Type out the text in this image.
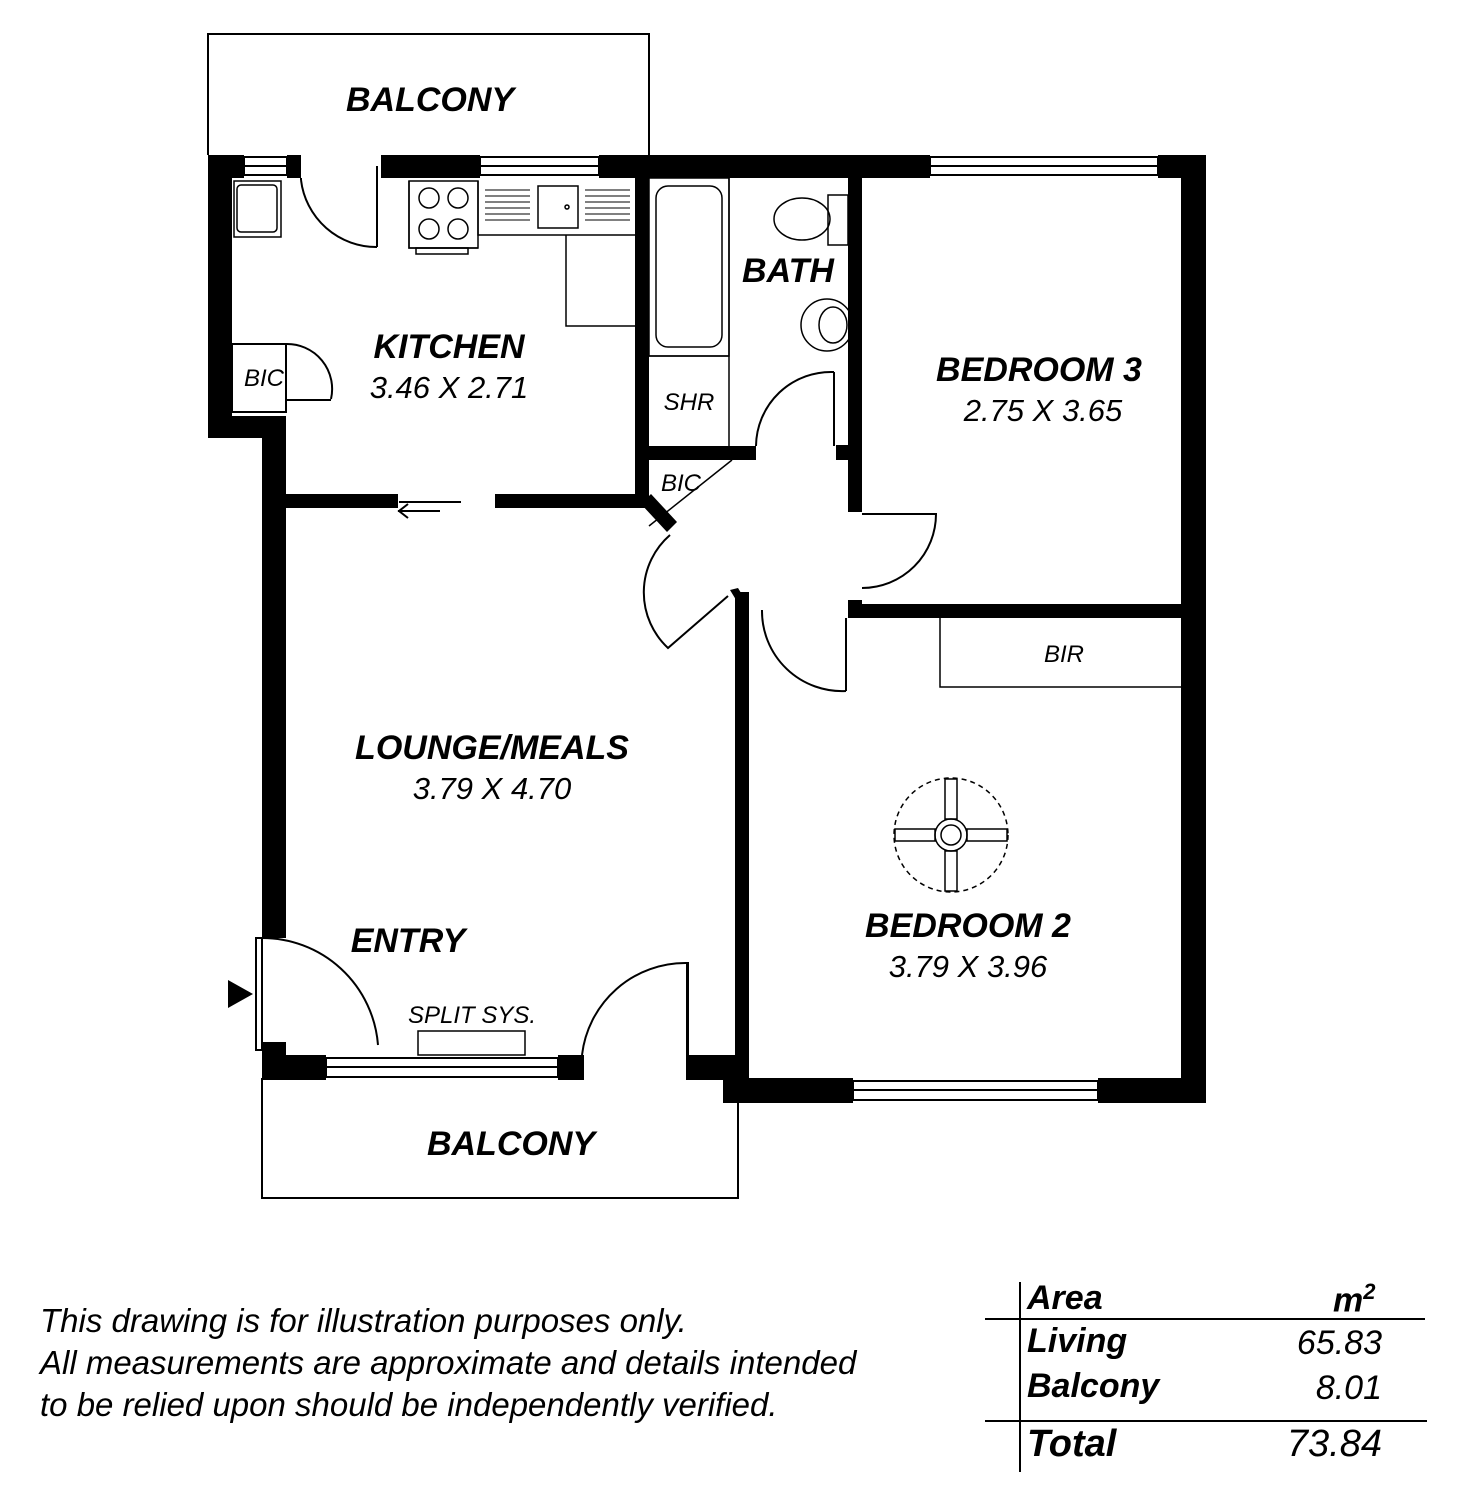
BALCONY
KITCHEN
3.46 X 2.71
BIC
BATH
SHR
BIC
BEDROOM 3
2.75 X 3.65
LOUNGE/MEALS
3.79 X 4.70
ENTRY
SPLIT SYS.
BIR
BEDROOM 2
3.79 X 3.96
BALCONY
This drawing is for illustration purposes only.
All measurements are approximate and details intended
to be relied upon should be independently verified.
Area	$m^2$
Living	65.83
Balcony	8.01
Total	73.84
